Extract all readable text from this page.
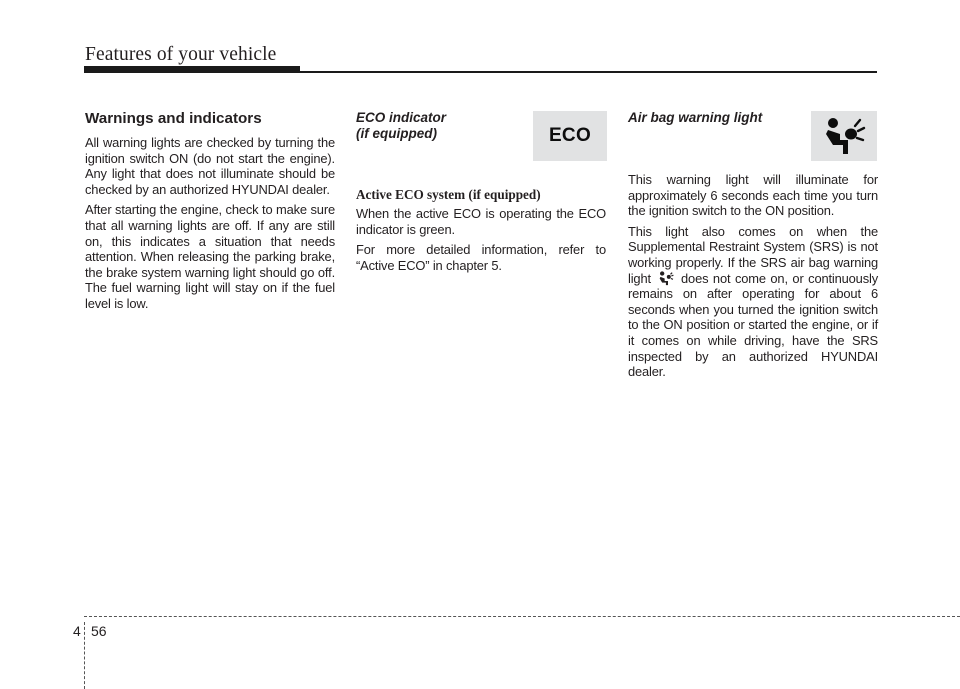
Features of your vehicle
Warnings and indicators

All warning lights are checked by turning the ignition switch ON (do not start the engine). Any light that does not illuminate should be checked by an authorized HYUNDAI dealer.

After starting the engine, check to make sure that all warning lights are off. If any are still on, this indicates a situation that needs attention. When releasing the parking brake, the brake system warning light should go off. The fuel warning light will stay on if the fuel level is low.

ECO indicator
(if equipped)
Active ECO system (if equipped)

When the active ECO is operating the ECO indicator is green.

For more detailed information, refer to “Active ECO” in chapter 5.

ECO
Air bag warning light

This warning light will illuminate for approximately 6 seconds each time you turn the ignition switch to the ON position.

This light also comes on when the Supplemental Restraint System (SRS) is not working properly. If the SRS air bag warning light does not come on, or continuously remains on after operating for about 6 seconds when you turned the ignition switch to the ON position or started the engine, or if it comes on while driving, have the SRS inspected by an authorized HYUNDAI dealer.

4 56
